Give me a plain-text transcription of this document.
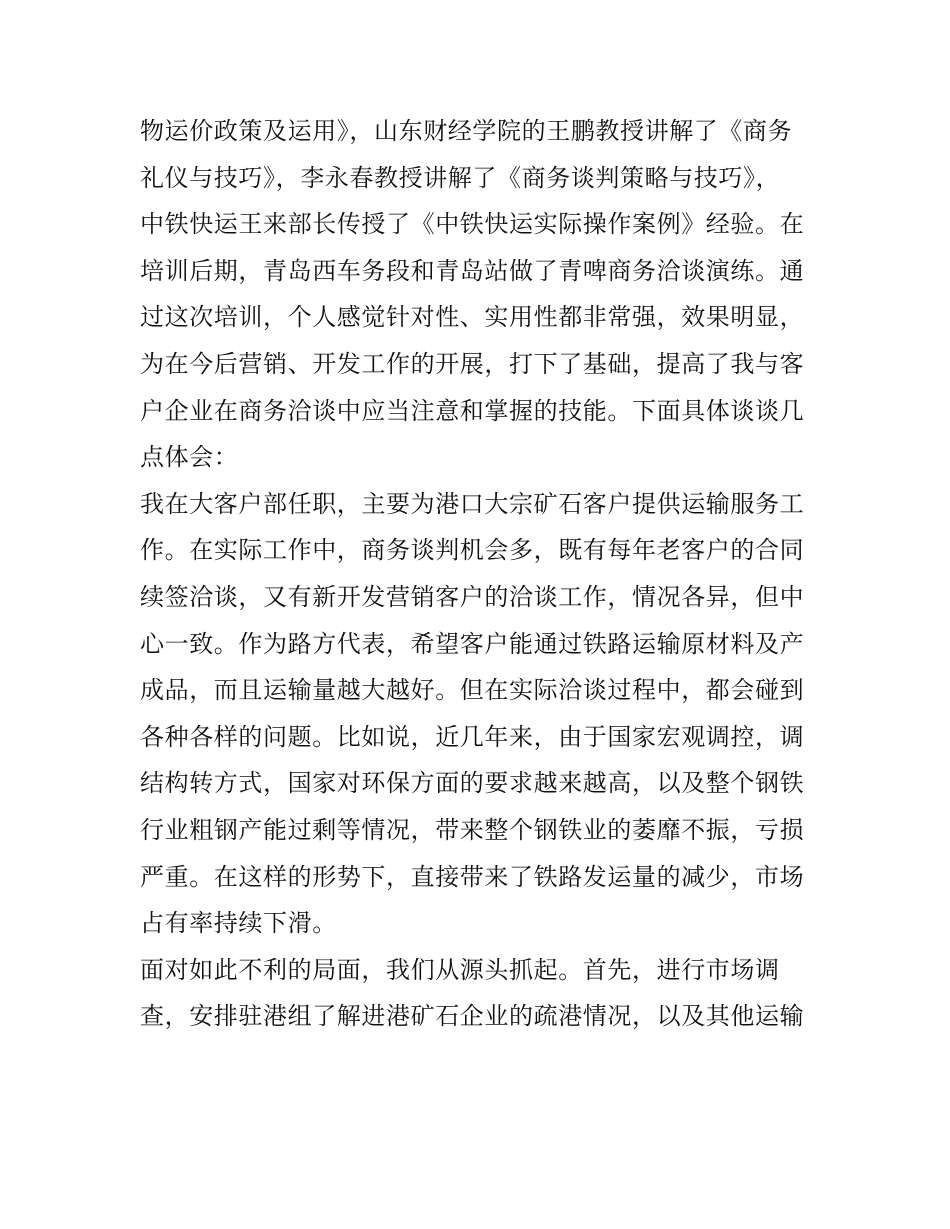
物运价政策及运用》，山东财经学院的王鹏教授讲解了《商务
礼仪与技巧》，李永春教授讲解了《商务谈判策略与技巧》，
中铁快运王来部长传授了《中铁快运实际操作案例》经验。在
培训后期，青岛西车务段和青岛站做了青啤商务洽谈演练。通
过这次培训，个人感觉针对性、实用性都非常强，效果明显，
为在今后营销、开发工作的开展，打下了基础，提高了我与客
户企业在商务洽谈中应当注意和掌握的技能。下面具体谈谈几
点体会：
我在大客户部任职，主要为港口大宗矿石客户提供运输服务工
作。在实际工作中，商务谈判机会多，既有每年老客户的合同
续签洽谈，又有新开发营销客户的洽谈工作，情况各异，但中
心一致。作为路方代表，希望客户能通过铁路运输原材料及产
成品，而且运输量越大越好。但在实际洽谈过程中，都会碰到
各种各样的问题。比如说，近几年来，由于国家宏观调控，调
结构转方式，国家对环保方面的要求越来越高，以及整个钢铁
行业粗钢产能过剩等情况，带来整个钢铁业的萎靡不振，亏损
严重。在这样的形势下，直接带来了铁路发运量的减少，市场
占有率持续下滑。
面对如此不利的局面，我们从源头抓起。首先，进行市场调
查，安排驻港组了解进港矿石企业的疏港情况，以及其他运输
